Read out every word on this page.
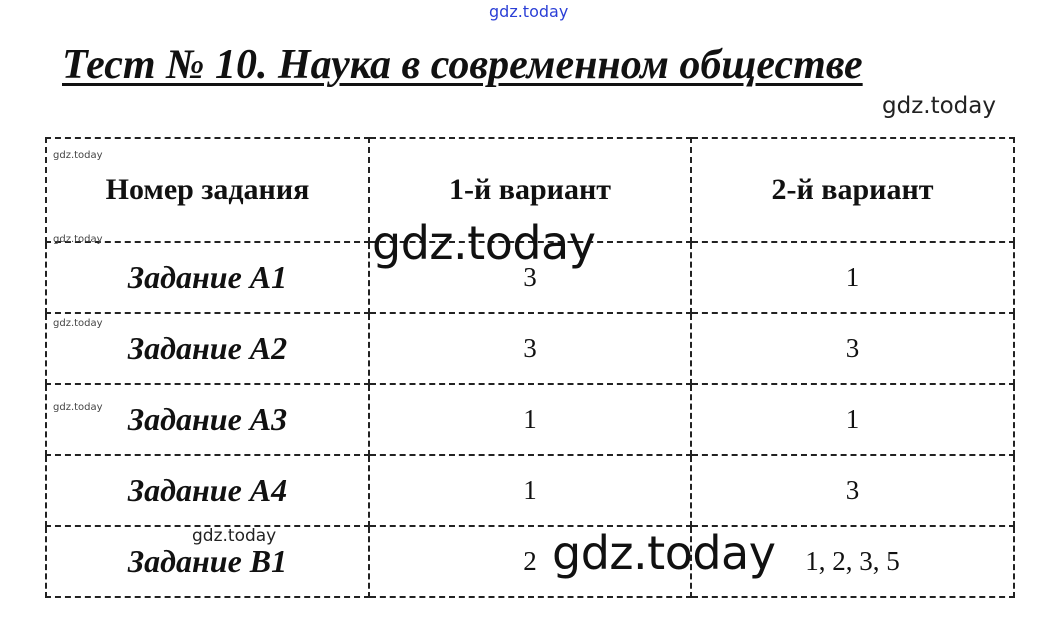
gdz.today
Тест № 10. Наука в современном обществе
gdz.today
Номер задания	1-й вариант	2-й вариант
Задание А1	3	1
Задание А2	3	3
Задание А3	1	1
Задание А4	1	3
Задание В1	2	1, 2, 3, 5
gdz.today
gdz.today
gdz.today
gdz.today	gdz.today
gdz.today	gdz.today
